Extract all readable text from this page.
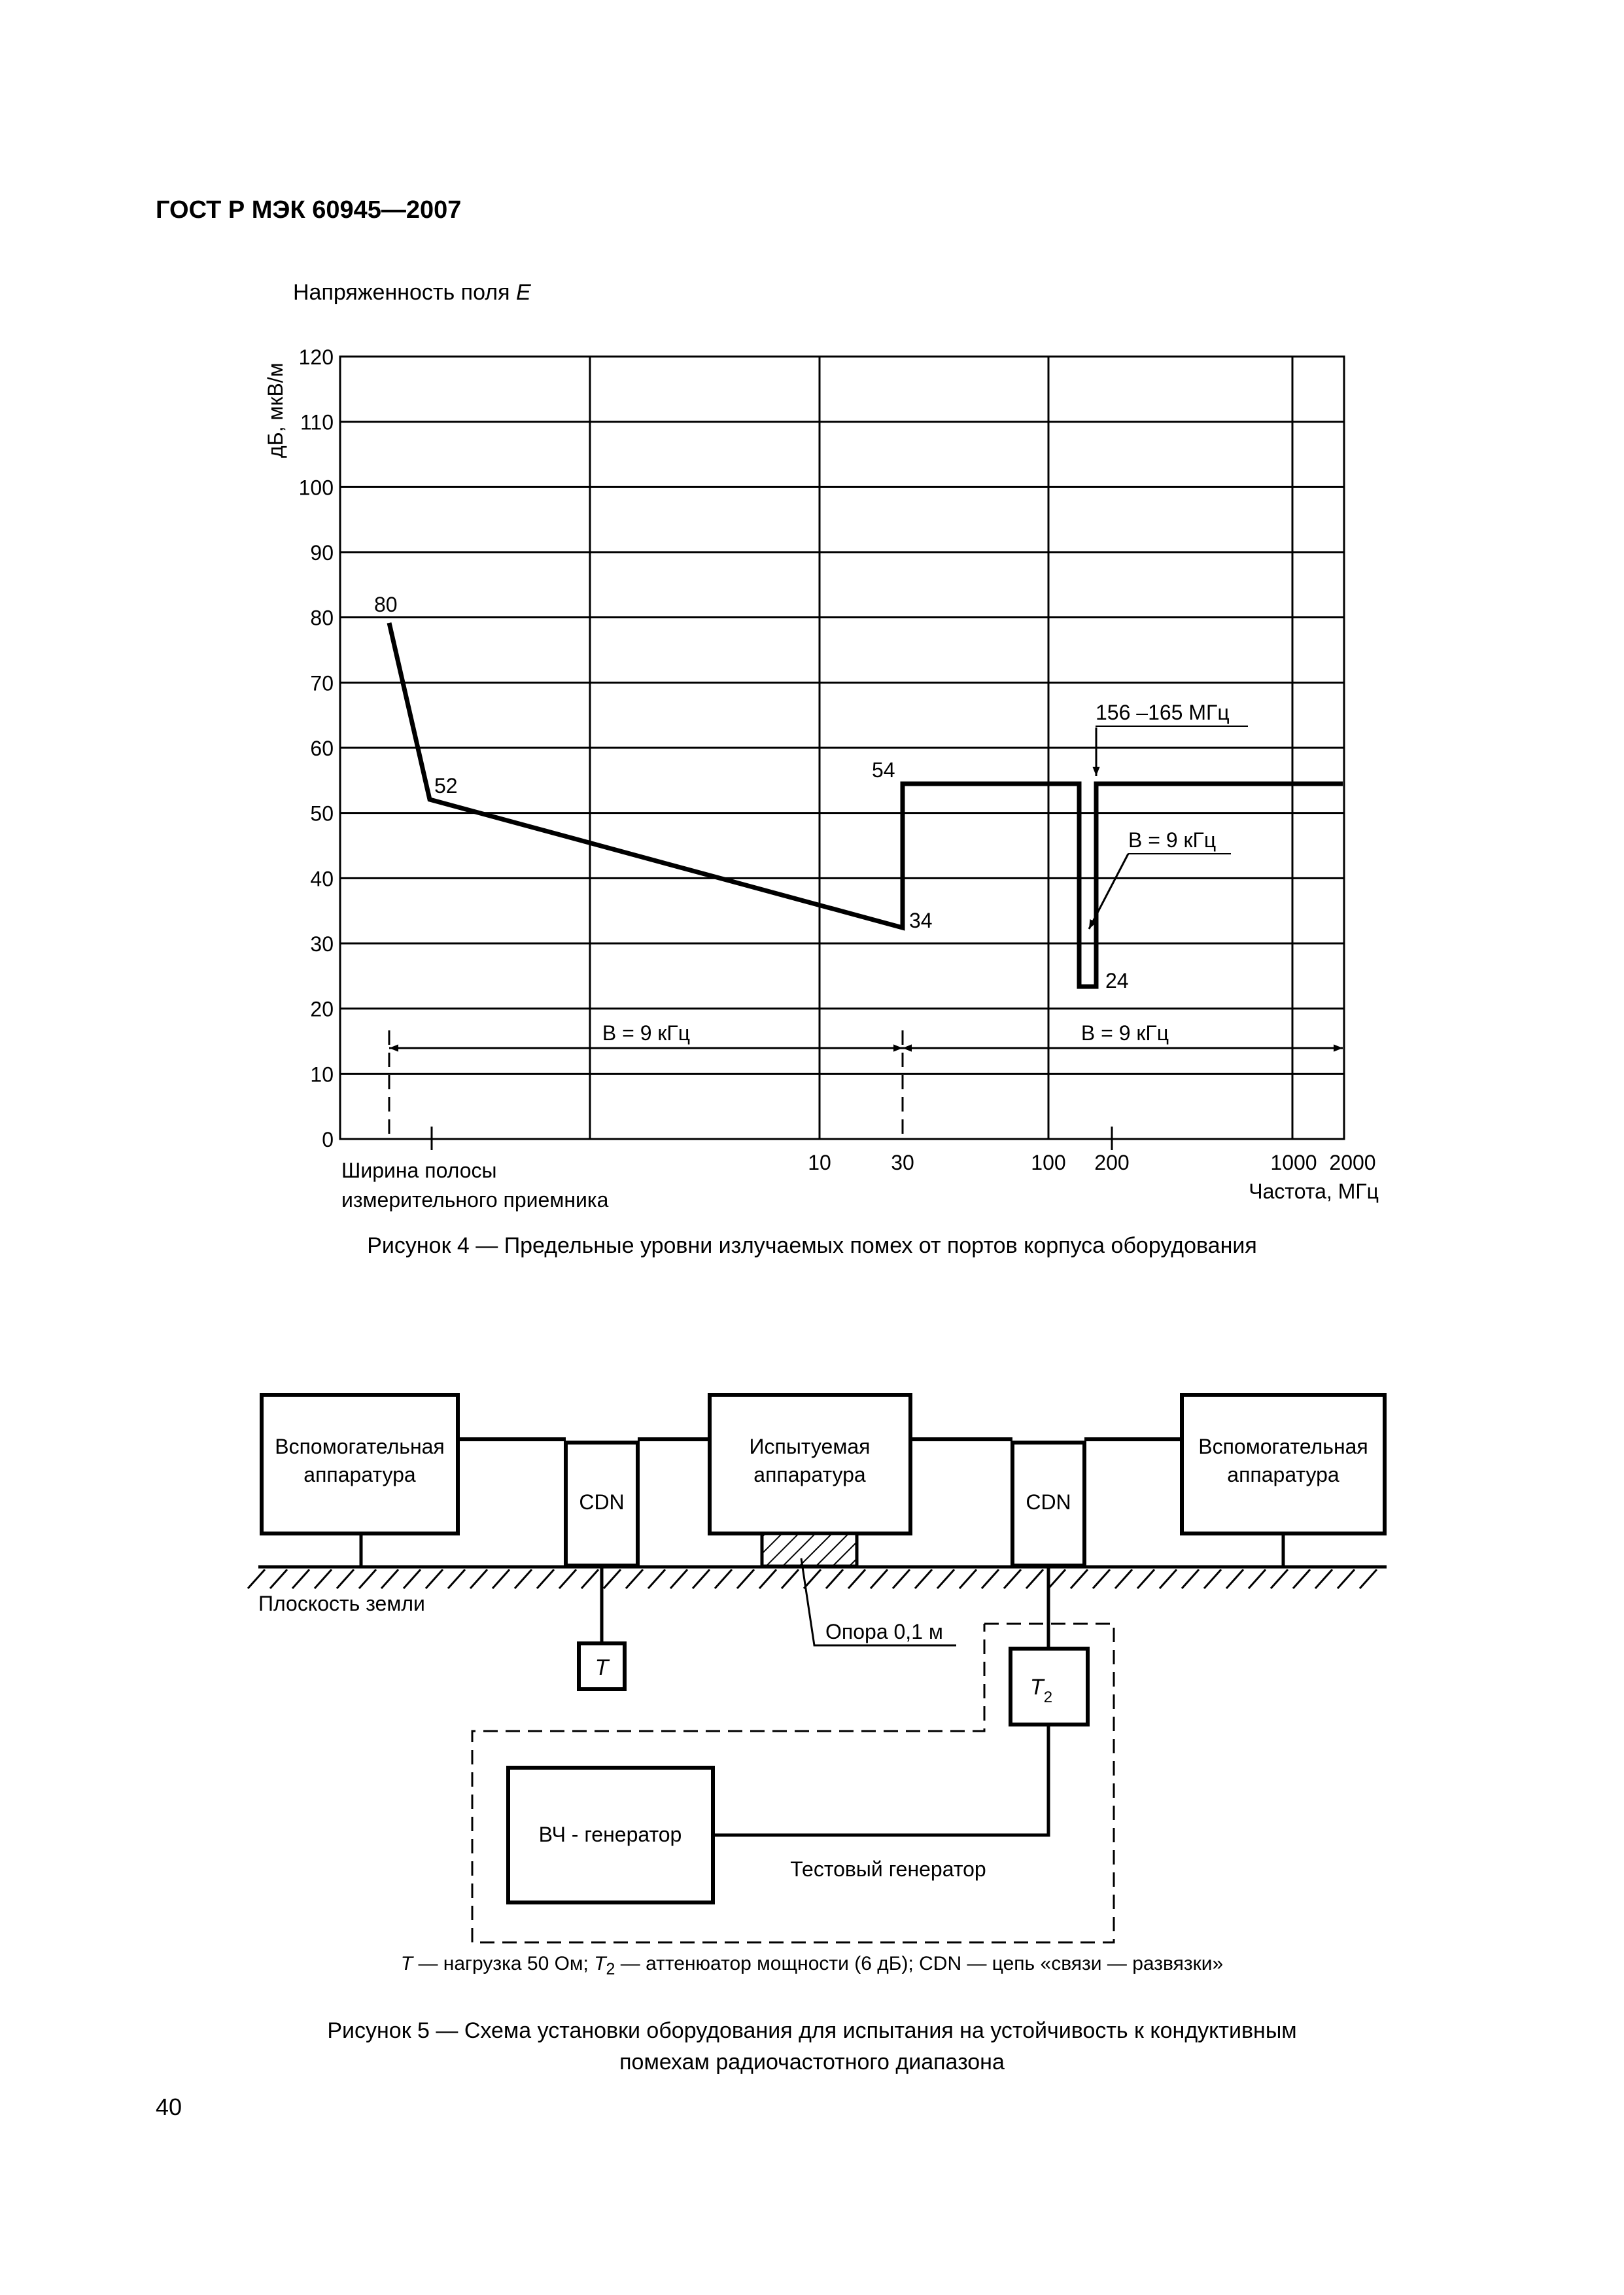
ГОСТ Р МЭК 60945—2007
Напряженность поля E
дБ, мкВ/м
0
10
20
30
40
50
60
70
80
90
100
110
120
10	30	100 200	1000 2000
Частота, МГц
Ширина полосы
измерительного приемника
В = 9 кГц	В = 9 кГц
80
52
34
54
24
156 –165 МГц
В = 9 кГц
Плоскость земли
Вспомогательная
аппаратура
CDN
Испытуемая
аппаратура
CDN
Вспомогательная
аппаратура
T
Опора 0,1 м
$T_2$
ВЧ - генератор
Тестовый генератор
Рисунок 4 — Предельные уровни излучаемых помех от портов корпуса оборудования
T — нагрузка 50 Ом; $T_2$ — аттенюатор мощности (6 дБ); CDN — цепь «связи — развязки»
Рисунок 5 — Схема установки оборудования для испытания на устойчивость к кондуктивным
помехам радиочастотного диапазона
40
